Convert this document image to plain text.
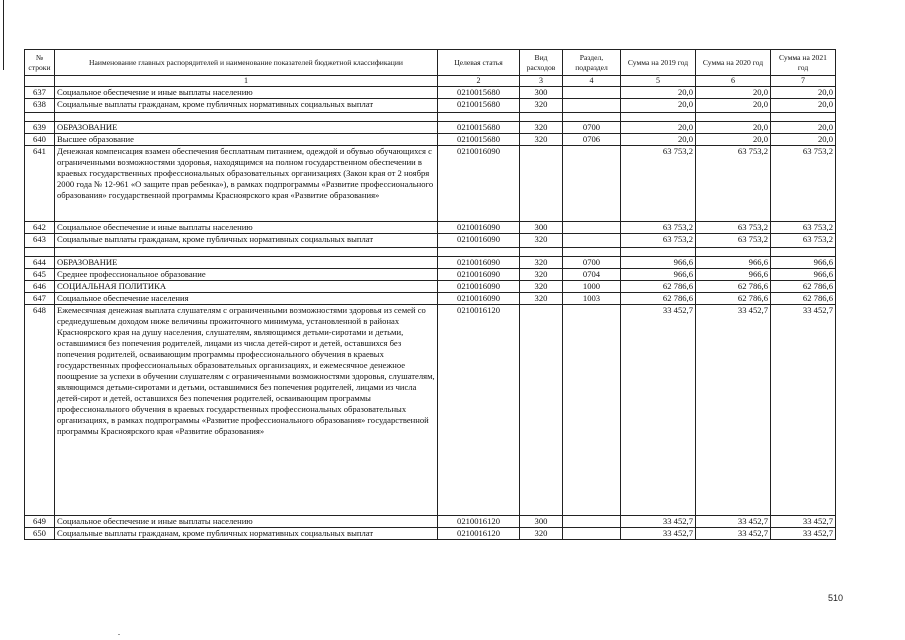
№ строки	Наименование главных распорядителей и наименование показателей бюджетной классификации	Целевая статья	Вид расходов	Раздел, подраздел	Сумма на 2019 год	Сумма на 2020 год	Сумма на 2021 год
	1	2	3	4	5	6	7
637	Социальное обеспечение и иные выплаты населению	0210015680	300		20,0	20,0	20,0
638	Социальные выплаты гражданам, кроме публичных нормативных социальных выплат	0210015680	320		20,0	20,0	20,0

639	ОБРАЗОВАНИЕ	0210015680	320	0700	20,0	20,0	20,0
640	Высшее образование	0210015680	320	0706	20,0	20,0	20,0
641	Денежная компенсация взамен обеспечения бесплатным питанием, одеждой и обувью обучающихся с ограниченными возможностями здоровья, находящимся на полном государственном обеспечении в краевых государственных профессиональных образовательных организациях (Закон края от 2 ноября 2000 года № 12-961 «О защите прав ребенка»), в рамках подпрограммы «Развитие профессионального образования» государственной программы Красноярского края «Развитие образования»	0210016090			63 753,2	63 753,2	63 753,2
642	Социальное обеспечение и иные выплаты населению	0210016090	300		63 753,2	63 753,2	63 753,2
643	Социальные выплаты гражданам, кроме публичных нормативных социальных выплат	0210016090	320		63 753,2	63 753,2	63 753,2

644	ОБРАЗОВАНИЕ	0210016090	320	0700	966,6	966,6	966,6
645	Среднее профессиональное образование	0210016090	320	0704	966,6	966,6	966,6
646	СОЦИАЛЬНАЯ ПОЛИТИКА	0210016090	320	1000	62 786,6	62 786,6	62 786,6
647	Социальное обеспечение населения	0210016090	320	1003	62 786,6	62 786,6	62 786,6
648	Ежемесячная денежная выплата слушателям с ограниченными возможностями здоровья из семей со среднедушевым доходом ниже величины прожиточного минимума, установленной в районах Красноярского края на душу населения, слушателям, являющимся детьми-сиротами и детьми, оставшимися без попечения родителей, лицами из числа детей-сирот и детей, оставшихся без попечения родителей, осваивающим программы профессионального обучения в краевых государственных профессиональных образовательных организациях, и ежемесячное денежное поощрение за успехи в обучении слушателям с ограниченными возможностями здоровья, слушателям, являющимся детьми-сиротами и детьми, оставшимися без попечения родителей, лицами из числа детей-сирот и детей, оставшихся без попечения родителей, осваивающим программы профессионального обучения в краевых государственных профессиональных образовательных организациях, в рамках подпрограммы «Развитие профессионального образования» государственной программы Красноярского края «Развитие образования»	0210016120			33 452,7	33 452,7	33 452,7
649	Социальное обеспечение и иные выплаты населению	0210016120	300		33 452,7	33 452,7	33 452,7
650	Социальные выплаты гражданам, кроме публичных нормативных социальных выплат	0210016120	320		33 452,7	33 452,7	33 452,7
510
